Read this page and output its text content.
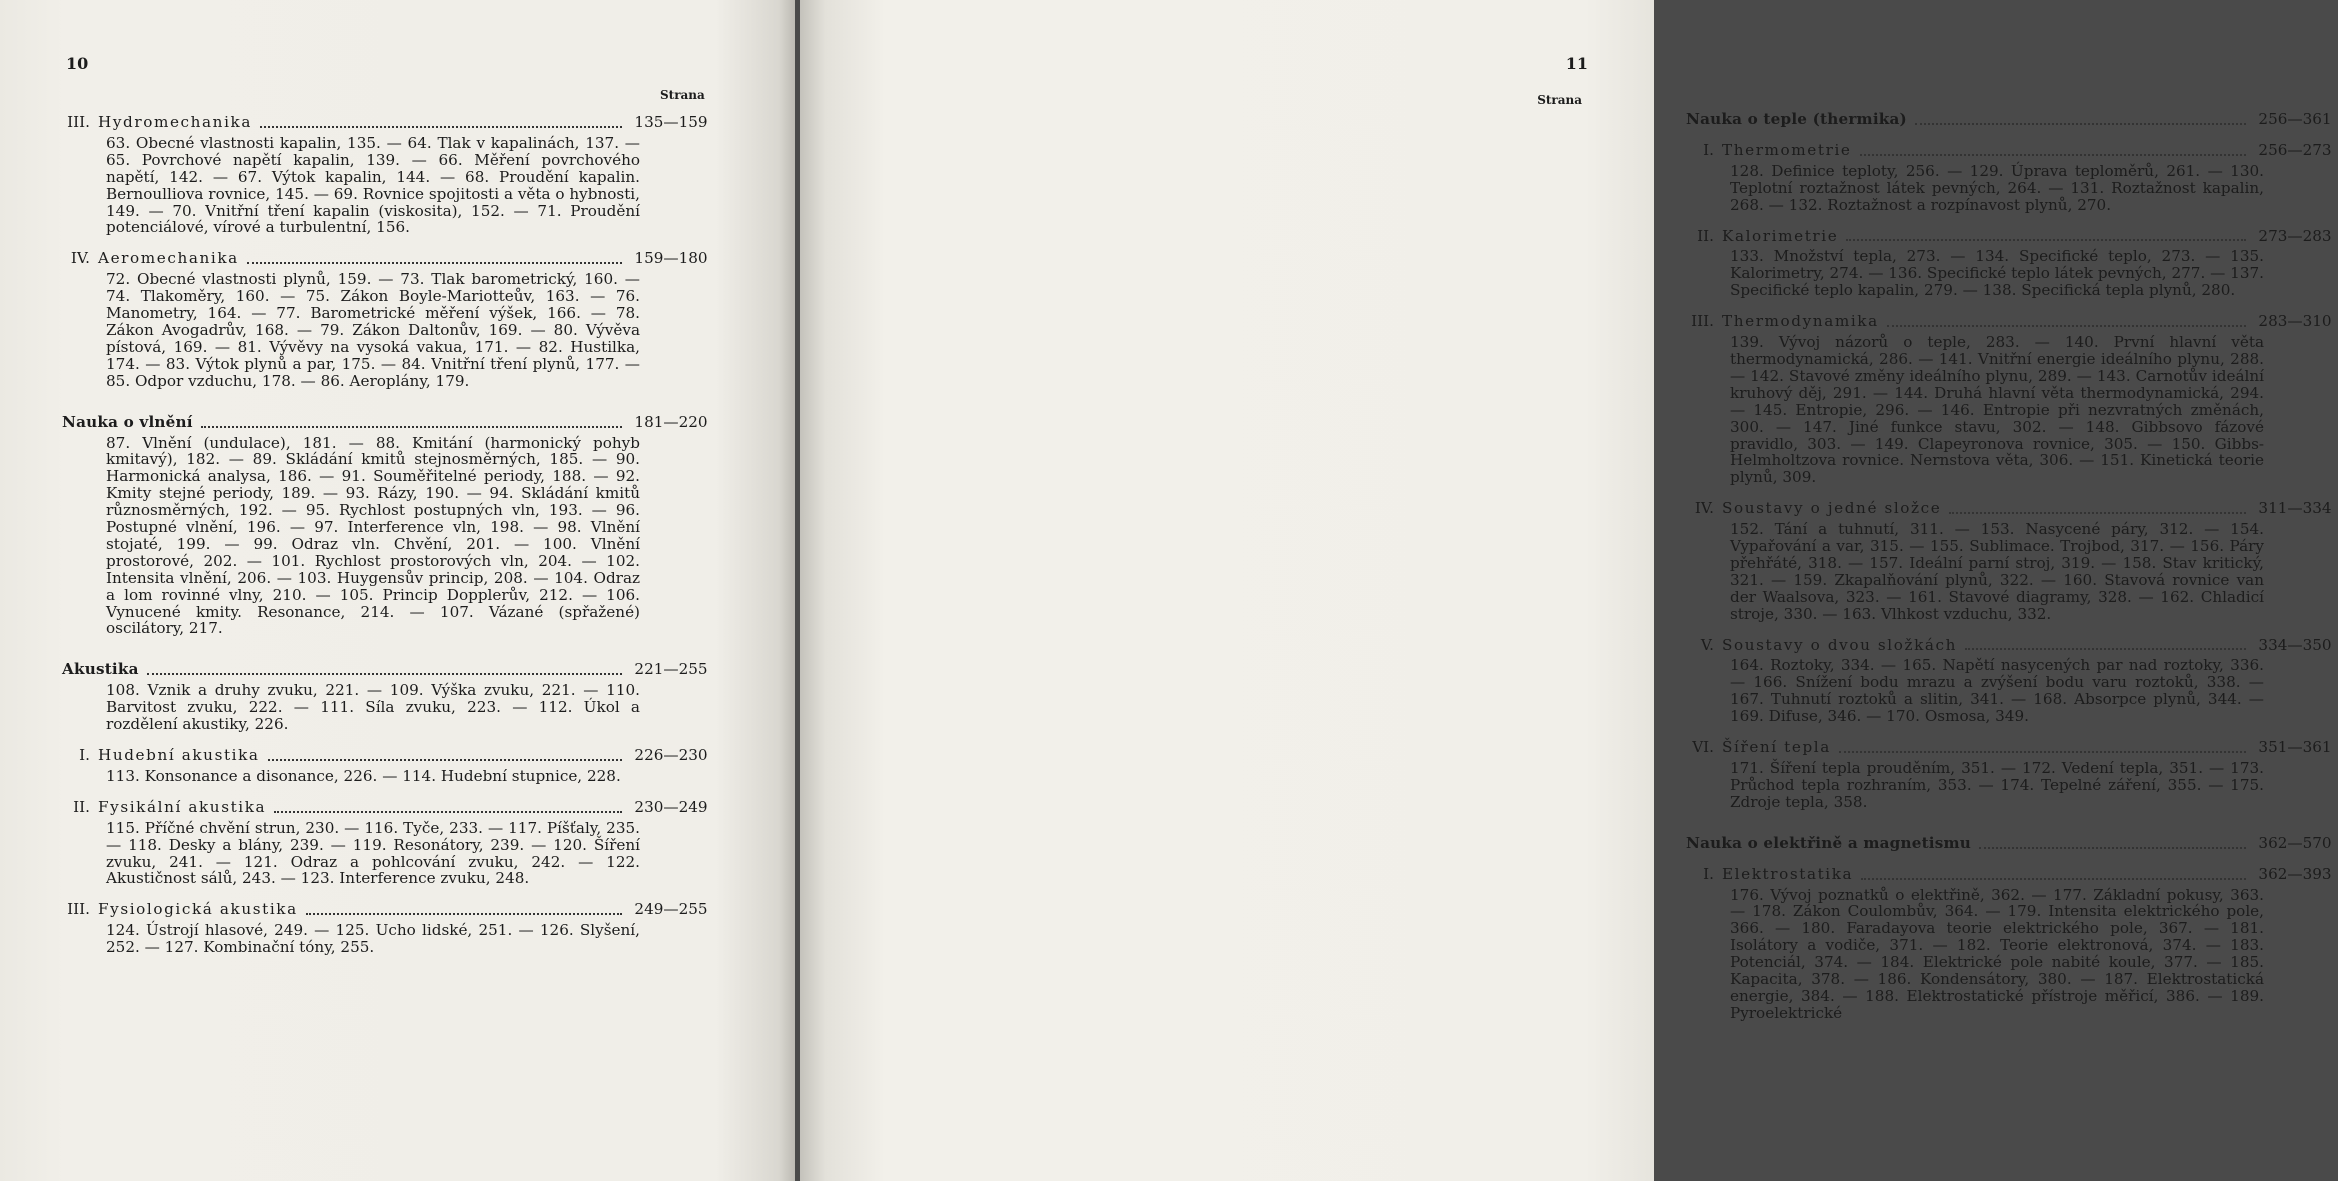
10
Strana
III. Hydromechanika	135—159
63. Obecné vlastnosti kapalin, 135. — 64. Tlak v kapalinách, 137. — 65. Povrchové napětí kapalin, 139. — 66. Měření povrchového napětí, 142. — 67. Výtok kapalin, 144. — 68. Proudění kapalin. Bernoulliova rovnice, 145. — 69. Rovnice spojitosti a věta o hybnosti, 149. — 70. Vnitřní tření kapalin (viskosita), 152. — 71. Proudění potenciálové, vírové a turbulentní, 156.
IV. Aeromechanika	159—180
72. Obecné vlastnosti plynů, 159. — 73. Tlak barometrický, 160. — 74. Tlakoměry, 160. — 75. Zákon Boyle-Mariotteův, 163. — 76. Manometry, 164. — 77. Barometrické měření výšek, 166. — 78. Zákon Avogadrův, 168. — 79. Zákon Daltonův, 169. — 80. Vývěva pístová, 169. — 81. Vývěvy na vysoká vakua, 171. — 82. Hustilka, 174. — 83. Výtok plynů a par, 175. — 84. Vnitřní tření plynů, 177. — 85. Odpor vzduchu, 178. — 86. Aeroplány, 179.
Nauka o vlnění	181—220
87. Vlnění (undulace), 181. — 88. Kmitání (harmonický pohyb kmitavý), 182. — 89. Skládání kmitů stejnosměrných, 185. — 90. Harmonická analysa, 186. — 91. Souměřitelné periody, 188. — 92. Kmity stejné periody, 189. — 93. Rázy, 190. — 94. Skládání kmitů různosměrných, 192. — 95. Rychlost postupných vln, 193. — 96. Postupné vlnění, 196. — 97. Interference vln, 198. — 98. Vlnění stojaté, 199. — 99. Odraz vln. Chvění, 201. — 100. Vlnění prostorové, 202. — 101. Rychlost prostorových vln, 204. — 102. Intensita vlnění, 206. — 103. Huygensův princip, 208. — 104. Odraz a lom rovinné vlny, 210. — 105. Princip Dopplerův, 212. — 106. Vynucené kmity. Resonance, 214. — 107. Vázané (spřažené) oscilátory, 217.
Akustika	221—255
108. Vznik a druhy zvuku, 221. — 109. Výška zvuku, 221. — 110. Barvitost zvuku, 222. — 111. Síla zvuku, 223. — 112. Úkol a rozdělení akustiky, 226.
I. Hudební akustika	226—230
113. Konsonance a disonance, 226. — 114. Hudební stupnice, 228.
II. Fysikální akustika	230—249
115. Příčné chvění strun, 230. — 116. Tyče, 233. — 117. Píšťaly, 235. — 118. Desky a blány, 239. — 119. Resonátory, 239. — 120. Šíření zvuku, 241. — 121. Odraz a pohlcování zvuku, 242. — 122. Akustičnost sálů, 243. — 123. Interference zvuku, 248.
III. Fysiologická akustika	249—255
124. Ústrojí hlasové, 249. — 125. Ucho lidské, 251. — 126. Slyšení, 252. — 127. Kombinační tóny, 255.
11
Strana
Nauka o teple (thermika)	256—361
I. Thermometrie	256—273
128. Definice teploty, 256. — 129. Úprava teploměrů, 261. — 130. Teplotní roztažnost látek pevných, 264. — 131. Roztažnost kapalin, 268. — 132. Roztažnost a rozpínavost plynů, 270.
II. Kalorimetrie	273—283
133. Množství tepla, 273. — 134. Specifické teplo, 273. — 135. Kalorimetry, 274. — 136. Specifické teplo látek pevných, 277. — 137. Specifické teplo kapalin, 279. — 138. Specifická tepla plynů, 280.
III. Thermodynamika	283—310
139. Vývoj názorů o teple, 283. — 140. První hlavní věta thermodynamická, 286. — 141. Vnitřní energie ideálního plynu, 288. — 142. Stavové změny ideálního plynu, 289. — 143. Carnotův ideální kruhový děj, 291. — 144. Druhá hlavní věta thermodynamická, 294. — 145. Entropie, 296. — 146. Entropie při nezvratných změnách, 300. — 147. Jiné funkce stavu, 302. — 148. Gibbsovo fázové pravidlo, 303. — 149. Clapeyronova rovnice, 305. — 150. Gibbs-Helmholtzova rovnice. Nernstova věta, 306. — 151. Kinetická teorie plynů, 309.
IV. Soustavy o jedné složce	311—334
152. Tání a tuhnutí, 311. — 153. Nasycené páry, 312. — 154. Vypařování a var, 315. — 155. Sublimace. Trojbod, 317. — 156. Páry přehřáté, 318. — 157. Ideální parní stroj, 319. — 158. Stav kritický, 321. — 159. Zkapalňování plynů, 322. — 160. Stavová rovnice van der Waalsova, 323. — 161. Stavové diagramy, 328. — 162. Chladicí stroje, 330. — 163. Vlhkost vzduchu, 332.
V. Soustavy o dvou složkách	334—350
164. Roztoky, 334. — 165. Napětí nasycených par nad roztoky, 336. — 166. Snížení bodu mrazu a zvýšení bodu varu roztoků, 338. — 167. Tuhnutí roztoků a slitin, 341. — 168. Absorpce plynů, 344. — 169. Difuse, 346. — 170. Osmosa, 349.
VI. Šíření tepla	351—361
171. Šíření tepla prouděním, 351. — 172. Vedení tepla, 351. — 173. Průchod tepla rozhraním, 353. — 174. Tepelné záření, 355. — 175. Zdroje tepla, 358.
Nauka o elektřině a magnetismu	362—570
I. Elektrostatika	362—393
176. Vývoj poznatků o elektřině, 362. — 177. Základní pokusy, 363. — 178. Zákon Coulombův, 364. — 179. Intensita elektrického pole, 366. — 180. Faradayova teorie elektrického pole, 367. — 181. Isolátory a vodiče, 371. — 182. Teorie elektronová, 374. — 183. Potenciál, 374. — 184. Elektrické pole nabité koule, 377. — 185. Kapacita, 378. — 186. Kondensátory, 380. — 187. Elektrostatická energie, 384. — 188. Elektrostatické přístroje měřicí, 386. — 189. Pyroelektrické
